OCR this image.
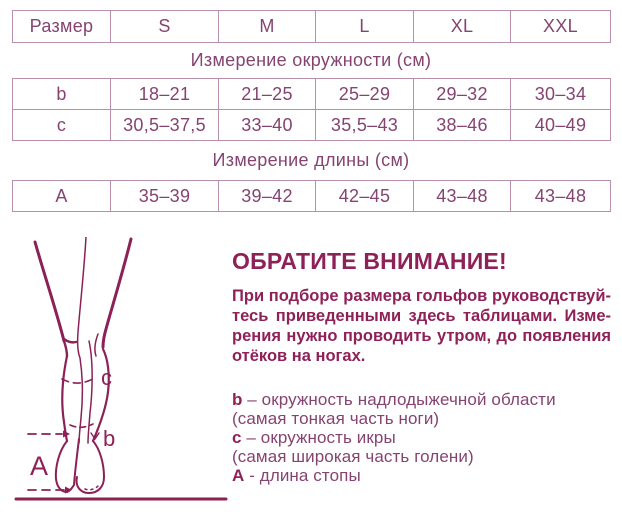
Размер	S	M	L	XL	XXL
Измерение окружности (см)
b	18–21	21–25	25–29	29–32	30–34
c	30,5–37,5	33–40	35,5–43	38–46	40–49
Измерение длины (см)
A	35–39	39–42	42–45	43–48	43–48
c
b
A
ОБРАТИТЕ ВНИМАНИЕ!
При подборе размера гольфов руководствуй-
тесь приведенными здесь таблицами. Изме-
рения нужно проводить утром, до появления
отёков на ногах.
b – окружность надлодыжечной области
(самая тонкая часть ноги)
c – окружность икры
(самая широкая часть голени)
A - длина стопы
